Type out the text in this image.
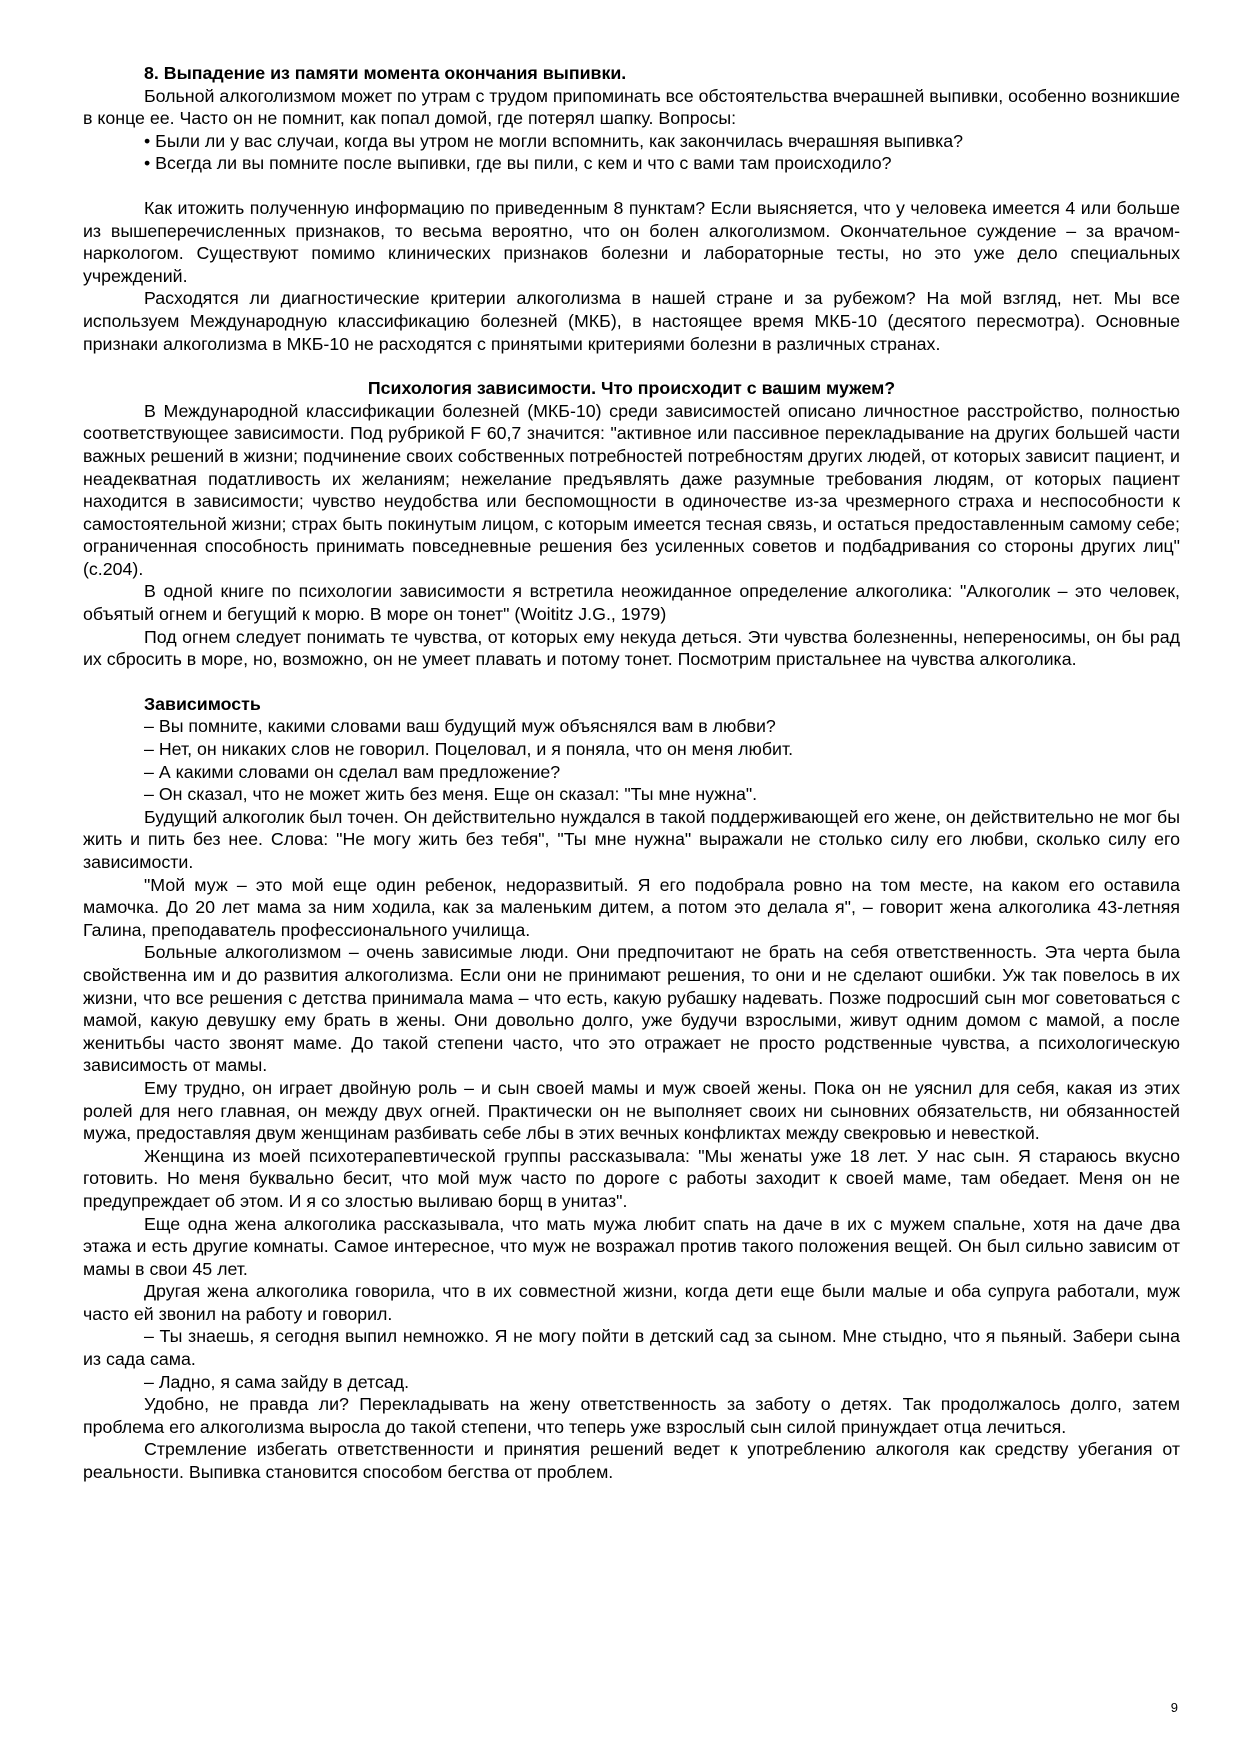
8. Выпадение из памяти момента окончания выпивки.

Больной алкоголизмом может по утрам с трудом припоминать все обстоятельства вчерашней выпивки, особенно возникшие в конце ее. Часто он не помнит, как попал домой, где потерял шапку. Вопросы:

• Были ли у вас случаи, когда вы утром не могли вспомнить, как закончилась вчерашняя выпивка?

• Всегда ли вы помните после выпивки, где вы пили, с кем и что с вами там происходило?

Как итожить полученную информацию по приведенным 8 пунктам? Если выясняется, что у человека имеется 4 или больше из вышеперечисленных признаков, то весьма вероятно, что он болен алкоголизмом. Окончательное суждение – за врачом-наркологом. Существуют помимо клинических признаков болезни и лабораторные тесты, но это уже дело специальных учреждений.

Расходятся ли диагностические критерии алкоголизма в нашей стране и за рубежом? На мой взгляд, нет. Мы все используем Международную классификацию болезней (МКБ), в настоящее время МКБ-10 (десятого пересмотра). Основные признаки алкоголизма в МКБ-10 не расходятся с принятыми критериями болезни в различных странах.

Психология зависимости. Что происходит с вашим мужем?

В Международной классификации болезней (МКБ-10) среди зависимостей описано личностное расстройство, полностью соответствующее зависимости. Под рубрикой F 60,7 значится: "активное или пассивное перекладывание на других большей части важных решений в жизни; подчинение своих собственных потребностей потребностям других людей, от которых зависит пациент, и неадекватная податливость их желаниям; нежелание предъявлять даже разумные требования людям, от которых пациент находится в зависимости; чувство неудобства или беспомощности в одиночестве из-за чрезмерного страха и неспособности к самостоятельной жизни; страх быть покинутым лицом, с которым имеется тесная связь, и остаться предоставленным самому себе; ограниченная способность принимать повседневные решения без усиленных советов и подбадривания со стороны других лиц" (с.204).

В одной книге по психологии зависимости я встретила неожиданное определение алкоголика: "Алкоголик – это человек, объятый огнем и бегущий к морю. В море он тонет" (Woititz J.G., 1979)

Под огнем следует понимать те чувства, от которых ему некуда деться. Эти чувства болезненны, непереносимы, он бы рад их сбросить в море, но, возможно, он не умеет плавать и потому тонет. Посмотрим пристальнее на чувства алкоголика.

Зависимость

– Вы помните, какими словами ваш будущий муж объяснялся вам в любви?

– Нет, он никаких слов не говорил. Поцеловал, и я поняла, что он меня любит.

– А какими словами он сделал вам предложение?

– Он сказал, что не может жить без меня. Еще он сказал: "Ты мне нужна".

Будущий алкоголик был точен. Он действительно нуждался в такой поддерживающей его жене, он действительно не мог бы жить и пить без нее. Слова: "Не могу жить без тебя", "Ты мне нужна" выражали не столько силу его любви, сколько силу его зависимости.

"Мой муж – это мой еще один ребенок, недоразвитый. Я его подобрала ровно на том месте, на каком его оставила мамочка. До 20 лет мама за ним ходила, как за маленьким дитем, а потом это делала я", – говорит жена алкоголика 43-летняя Галина, преподаватель профессионального училища.

Больные алкоголизмом – очень зависимые люди. Они предпочитают не брать на себя ответственность. Эта черта была свойственна им и до развития алкоголизма. Если они не принимают решения, то они и не сделают ошибки. Уж так повелось в их жизни, что все решения с детства принимала мама – что есть, какую рубашку надевать. Позже подросший сын мог советоваться с мамой, какую девушку ему брать в жены. Они довольно долго, уже будучи взрослыми, живут одним домом с мамой, а после женитьбы часто звонят маме. До такой степени часто, что это отражает не просто родственные чувства, а психологическую зависимость от мамы.

Ему трудно, он играет двойную роль – и сын своей мамы и муж своей жены. Пока он не уяснил для себя, какая из этих ролей для него главная, он между двух огней. Практически он не выполняет своих ни сыновних обязательств, ни обязанностей мужа, предоставляя двум женщинам разбивать себе лбы в этих вечных конфликтах между свекровью и невесткой.

Женщина из моей психотерапевтической группы рассказывала: "Мы женаты уже 18 лет. У нас сын. Я стараюсь вкусно готовить. Но меня буквально бесит, что мой муж часто по дороге с работы заходит к своей маме, там обедает. Меня он не предупреждает об этом. И я со злостью выливаю борщ в унитаз".

Еще одна жена алкоголика рассказывала, что мать мужа любит спать на даче в их с мужем спальне, хотя на даче два этажа и есть другие комнаты. Самое интересное, что муж не возражал против такого положения вещей. Он был сильно зависим от мамы в свои 45 лет.

Другая жена алкоголика говорила, что в их совместной жизни, когда дети еще были малые и оба супруга работали, муж часто ей звонил на работу и говорил.

– Ты знаешь, я сегодня выпил немножко. Я не могу пойти в детский сад за сыном. Мне стыдно, что я пьяный. Забери сына из сада сама.

– Ладно, я сама зайду в детсад.

Удобно, не правда ли? Перекладывать на жену ответственность за заботу о детях. Так продолжалось долго, затем проблема его алкоголизма выросла до такой степени, что теперь уже взрослый сын силой принуждает отца лечиться.

Стремление избегать ответственности и принятия решений ведет к употреблению алкоголя как средству убегания от реальности. Выпивка становится способом бегства от проблем.

9
